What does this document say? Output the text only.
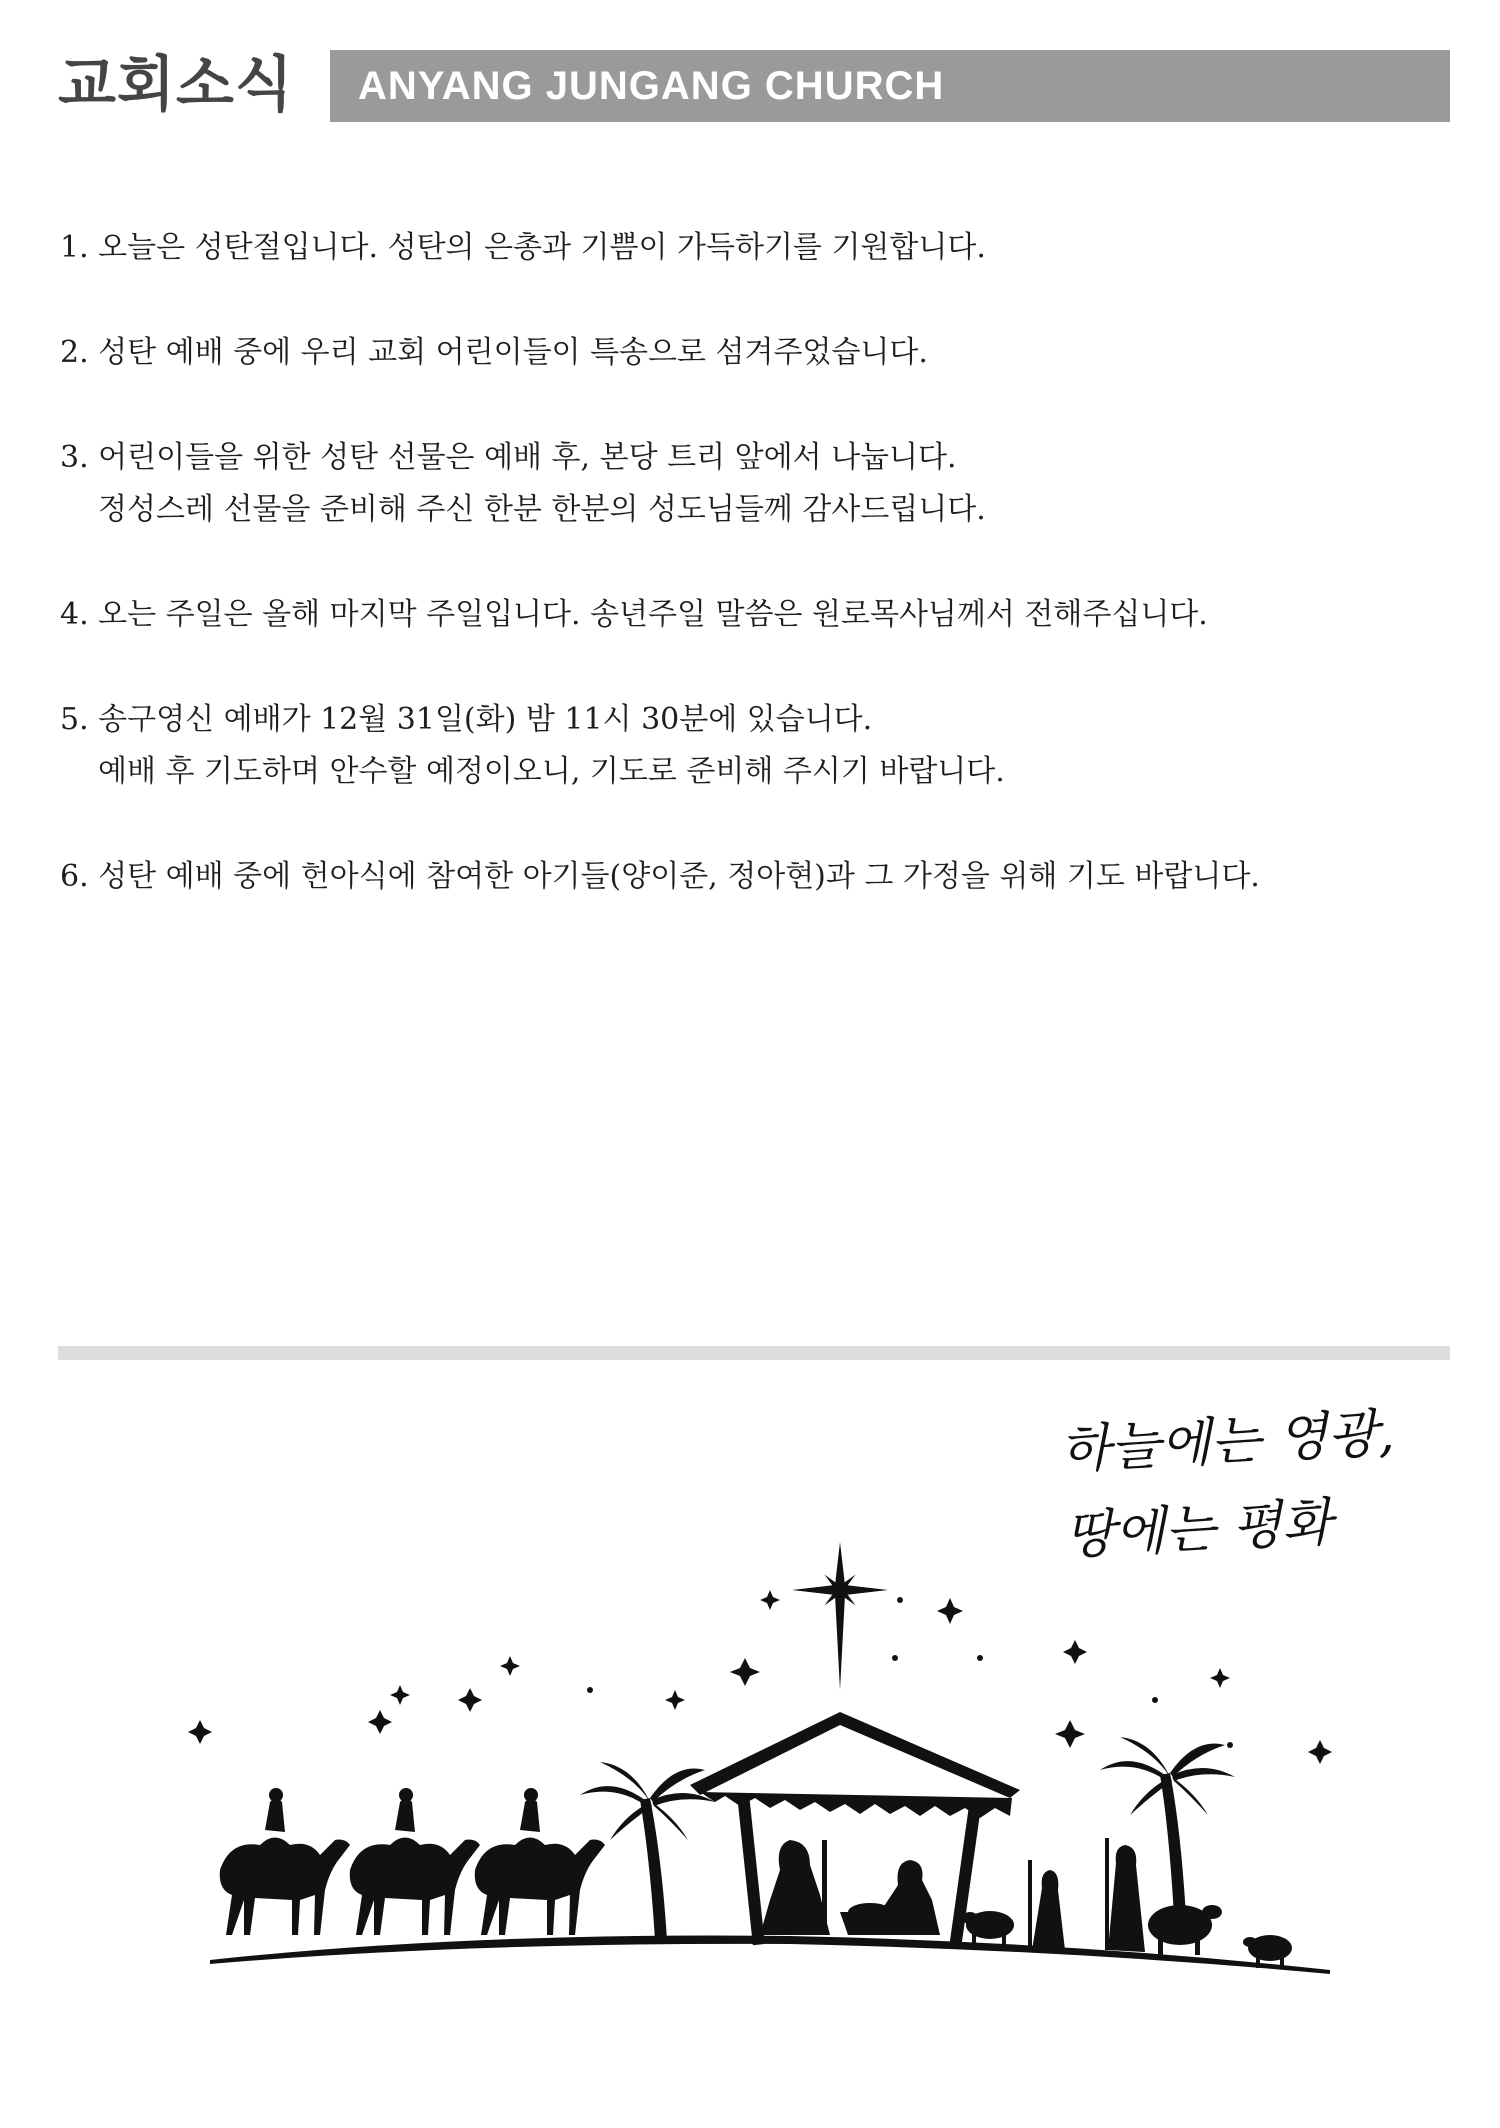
교회소식 ANYANG JUNGANG CHURCH
1. 오늘은 성탄절입니다. 성탄의 은총과 기쁨이 가득하기를 기원합니다.
2. 성탄 예배 중에 우리 교회 어린이들이 특송으로 섬겨주었습니다.
3. 어린이들을 위한 성탄 선물은 예배 후, 본당 트리 앞에서 나눕니다.
정성스레 선물을 준비해 주신 한분 한분의 성도님들께 감사드립니다.
4. 오는 주일은 올해 마지막 주일입니다. 송년주일 말씀은 원로목사님께서 전해주십니다.
5. 송구영신 예배가 12월 31일(화) 밤 11시 30분에 있습니다.
예배 후 기도하며 안수할 예정이오니, 기도로 준비해 주시기 바랍니다.
6. 성탄 예배 중에 헌아식에 참여한 아기들(양이준, 정아현)과 그 가정을 위해 기도 바랍니다.
하늘에는 영광,
땅에는 평화
